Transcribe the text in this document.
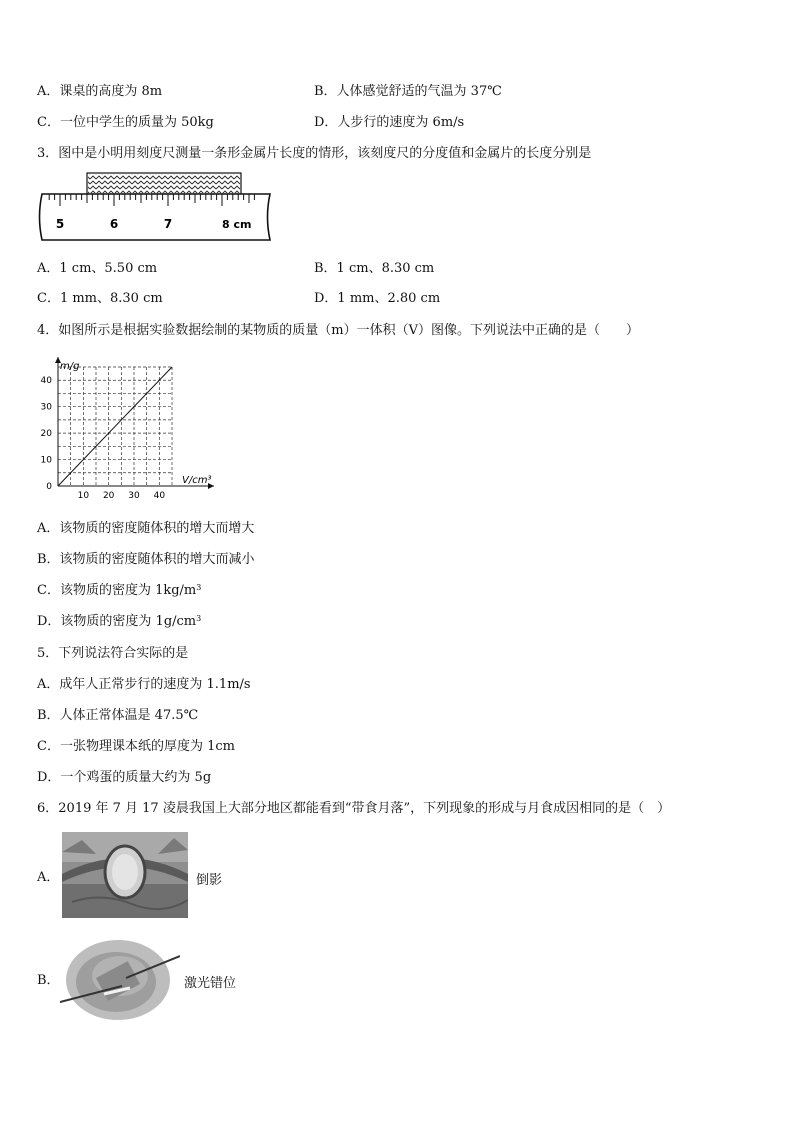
A．课桌的高度为 8m	B．人体感觉舒适的气温为 37℃
C．一位中学生的质量为 50kg	D．人步行的速度为 6m/s
3．图中是小明用刻度尺测量一条形金属片长度的情形，该刻度尺的分度值和金属片的长度分别是
5	6	7	8 cm
A．1 cm、5.50 cm	B．1 cm、8.30 cm
C．1 mm、8.30 cm	D．1 mm、2.80 cm
4．如图所示是根据实验数据绘制的某物质的质量（m）一体积（V）图像。下列说法中正确的是（　　）
10 20 30 40
0
10
20
30
40
m/g
V/cm³
A．该物质的密度随体积的增大而增大
B．该物质的密度随体积的增大而减小
C．该物质的密度为 $1kg/m^3$
D．该物质的密度为 $1g/cm^3$
5．下列说法符合实际的是
A．成年人正常步行的速度为 1.1m/s
B．人体正常体温是 47.5℃
C．一张物理课本纸的厚度为 1cm
D．一个鸡蛋的质量大约为 5g
6．2019 年 7 月 17 凌晨我国上大部分地区都能看到“带食月落”，下列现象的形成与月食成因相同的是（　）
A．	倒影
B．	激光错位
